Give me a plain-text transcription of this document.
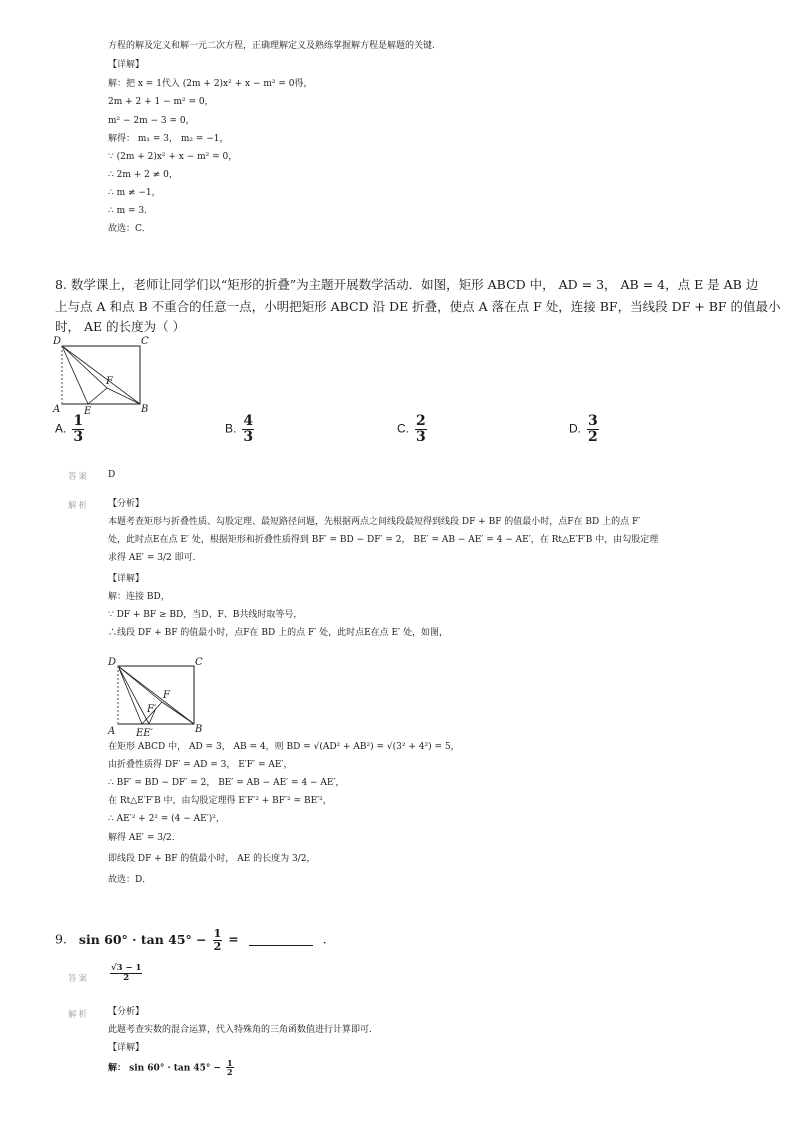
方程的解及定义和解一元二次方程，正确理解定义及熟练掌握解方程是解题的关键．
【详解】
解：把 x = 1代入 (2m + 2)x² + x − m² = 0得，
2m + 2 + 1 − m² = 0，
m² − 2m − 3 = 0，
解得： m₁ = 3， m₂ = −1，
∵ (2m + 2)x² + x − m² = 0，
∴ 2m + 2 ≠ 0，
∴ m ≠ −1，
∴ m = 3．
故选：C．
8. 数学课上，老师让同学们以“矩形的折叠”为主题开展数学活动．如图，矩形 ABCD 中， AD = 3， AB = 4，点 E 是 AB 边
上与点 A 和点 B 不重合的任意一点，小明把矩形 ABCD 沿 DE 折叠，使点 A 落在点 F 处，连接 BF，当线段 DF + BF 的值最小
时， AE 的长度为（ ）
D	C
A	B
E
F
A. $\frac{1}{3}$	B. $\frac{4}{3}$	C. $\frac{2}{3}$	D. $\frac{3}{2}$
答案 D
解析 【分析】
本题考查矩形与折叠性质、勾股定理、最短路径问题，先根据两点之间线段最短得到线段 DF + BF 的值最小时，点F在 BD 上的点 F′
处，此时点E在点 E′ 处，根据矩形和折叠性质得到 BF′ = BD − DF′ = 2， BE′ = AB − AE′ = 4 − AE′，在 Rt△E′F′B 中，由勾股定理
求得 AE′ = 3/2 即可．
【详解】
解：连接 BD，
∵ DF + BF ≥ BD，当D、F、B共线时取等号，
∴线段 DF + BF 的值最小时，点F在 BD 上的点 F′ 处，此时点E在点 E′ 处，如图，
D	C
A	B
EE′
F
F′
在矩形 ABCD 中， AD = 3， AB = 4，则 BD = √(AD² + AB²) = √(3² + 4²) = 5，
由折叠性质得 DF′ = AD = 3， E′F′ = AE′，
∴ BF′ = BD − DF′ = 2， BE′ = AB − AE′ = 4 − AE′，
在 Rt△E′F′B 中，由勾股定理得 E′F′² + BF′² = BE′²，
∴ AE′² + 2² = (4 − AE′)²，
解得 AE′ = 3/2．
即线段 DF + BF 的值最小时， AE 的长度为 3/2，
故选：D．
9. $\sin 60^\circ \cdot \tan 45^\circ - \frac{1}{2}$ =	.
答案 $\frac{√3 - 1}{2}$
解析 【分析】
此题考查实数的混合运算，代入特殊角的三角函数值进行计算即可．
【详解】
解： $\sin 60^\circ \cdot \tan 45^\circ - \frac{1}{2}$
